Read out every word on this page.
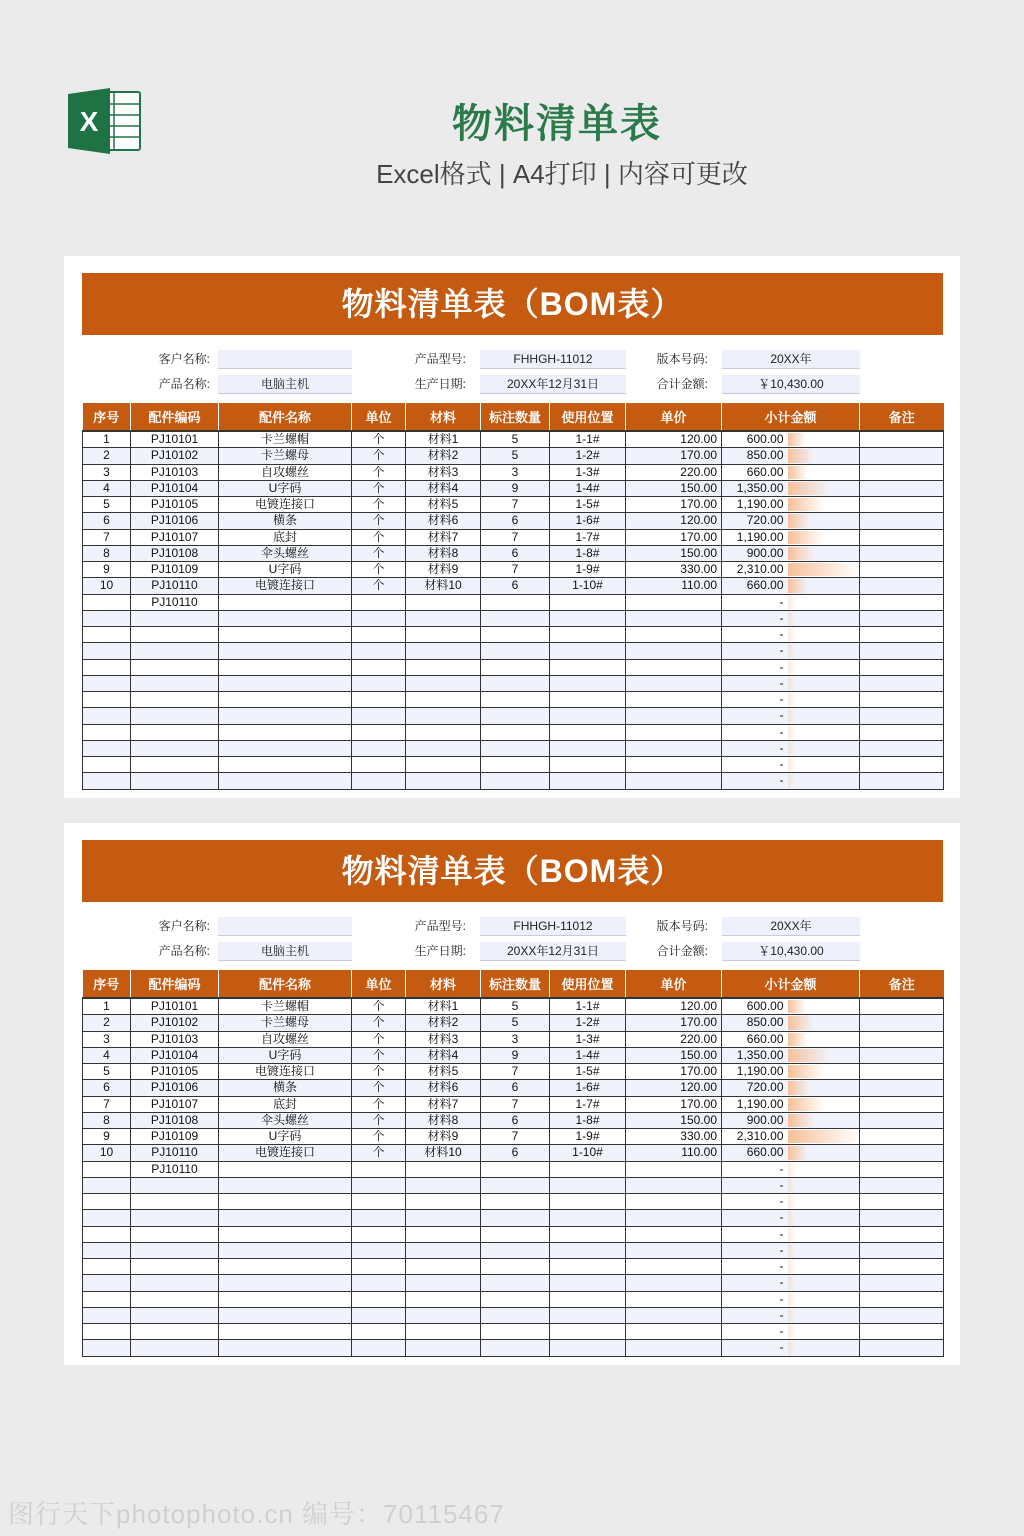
X	物料清单表
Excel格式 | A4打印 | 内容可更改
物料清单表（BOM表）
客户名称:	产品型号:	FHHGH-11012	版本号码:	20XX年
产品名称:	电脑主机	生产日期:	20XX年12月31日	合计金额:	￥10,430.00
序号	配件编码	配件名称	单位	材料	标注数量	使用位置	单价	小计金额		备注
1	PJ10101	卡兰螺帽	个	材料1	5	1-1#	120.00	600.00	

2	PJ10102	卡兰螺母	个	材料2	5	1-2#	170.00	850.00	

3	PJ10103	自攻螺丝	个	材料3	3	1-3#	220.00	660.00	

4	PJ10104	U字码	个	材料4	9	1-4#	150.00	1,350.00	

5	PJ10105	电镀连接口	个	材料5	7	1-5#	170.00	1,190.00	

6	PJ10106	横条	个	材料6	6	1-6#	120.00	720.00	

7	PJ10107	底封	个	材料7	7	1-7#	170.00	1,190.00	

8	PJ10108	伞头螺丝	个	材料8	6	1-8#	150.00	900.00	

9	PJ10109	U字码	个	材料9	7	1-9#	330.00	2,310.00	

10	PJ10110	电镀连接口	个	材料10	6	1-10#	110.00	660.00	

	PJ10110							-	

								-	

								-	

								-	

								-	

								-	

								-	

								-	

								-	

								-	

								-	

								-	

物料清单表（BOM表）
客户名称:	产品型号:	FHHGH-11012	版本号码:	20XX年
产品名称:	电脑主机	生产日期:	20XX年12月31日	合计金额:	￥10,430.00
序号	配件编码	配件名称	单位	材料	标注数量	使用位置	单价	小计金额		备注
1	PJ10101	卡兰螺帽	个	材料1	5	1-1#	120.00	600.00	

2	PJ10102	卡兰螺母	个	材料2	5	1-2#	170.00	850.00	

3	PJ10103	自攻螺丝	个	材料3	3	1-3#	220.00	660.00	

4	PJ10104	U字码	个	材料4	9	1-4#	150.00	1,350.00	

5	PJ10105	电镀连接口	个	材料5	7	1-5#	170.00	1,190.00	

6	PJ10106	横条	个	材料6	6	1-6#	120.00	720.00	

7	PJ10107	底封	个	材料7	7	1-7#	170.00	1,190.00	

8	PJ10108	伞头螺丝	个	材料8	6	1-8#	150.00	900.00	

9	PJ10109	U字码	个	材料9	7	1-9#	330.00	2,310.00	

10	PJ10110	电镀连接口	个	材料10	6	1-10#	110.00	660.00	

	PJ10110							-	

								-	

								-	

								-	

								-	

								-	

								-	

								-	

								-	

								-	

								-	

								-	

图行天下photophoto.cn 编号：70115467
